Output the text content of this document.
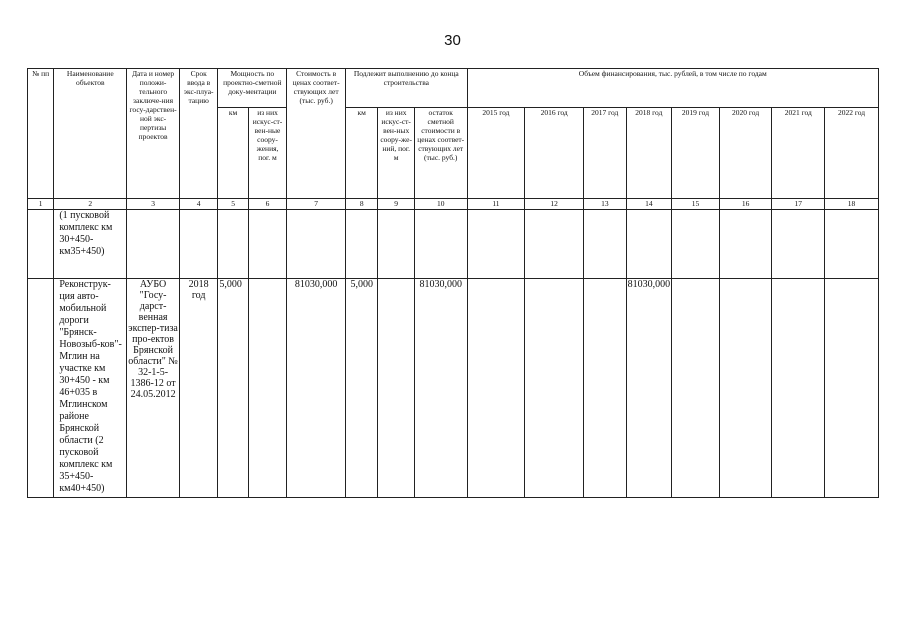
30
№ пп	Наименование объектов	Дата и номер положи-тельного заключе-ния госу-дарствен-ной экс-пертизы проектов	Срок ввода в экс-плуа-тацию	Мощность по проектно-сметной доку-ментации		Стоимость в ценах соответ-ствующих лет (тыс. руб.)	Подлежит выполнению до конца строительства			Объем финансирования, тыс. рублей, в том числе по годам							
				км	из них искус-ст-вен-ные соору-жения, пог. м		км	из них искус-ст-вен-ных соору-же-ний, пог. м	остаток сметной стоимости в ценах соответ-ствующих лет (тыс. руб.)	2015 год	2016 год	2017 год	2018 год	2019 год	2020 год	2021 год	2022 год
1	2	3	4	5	6	7	8	9	10	11	12	13	14	15	16	17	18
	(1 пусковой комплекс км 30+450-км35+450)																
	Реконструк-ция авто-мобильной дороги "Брянск-Новозыб-ков"-Мглин на участке км 30+450 - км 46+035 в Мглинском районе Брянской области (2 пусковой комплекс км 35+450-км40+450)	АУБО "Госу-дарст-венная экспер-тиза про-ектов Брянской области" № 32-1-5-1386-12 от 24.05.2012	2018 год	5,000		81030,000	5,000		81030,000				81030,000				
